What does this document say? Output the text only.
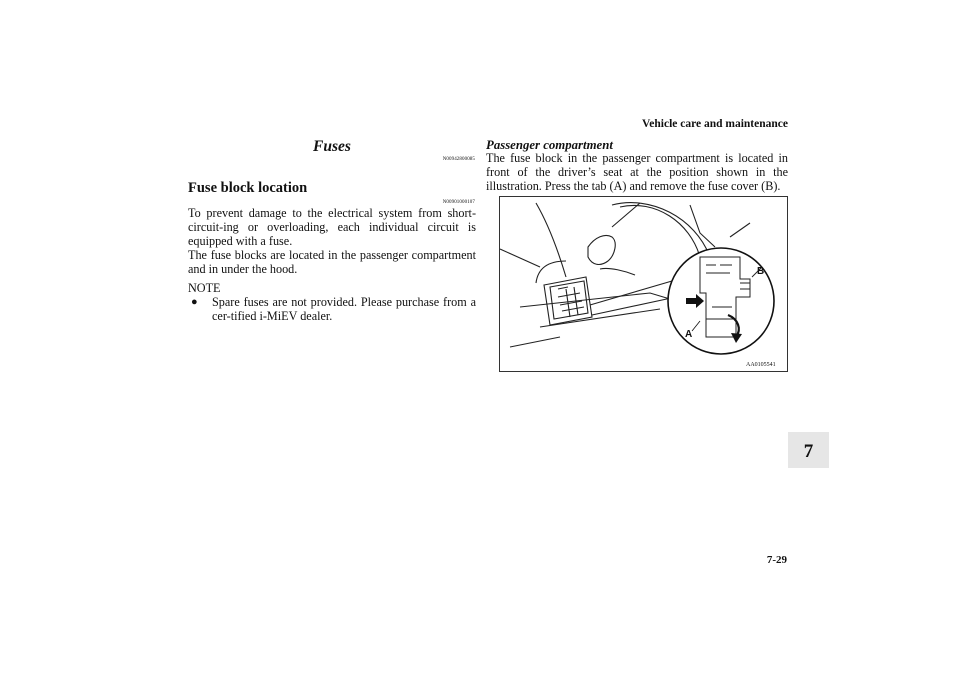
Vehicle care and maintenance
7
7-29
Fuses
N00942800085
Fuse block location
N00901000107
To prevent damage to the electrical system from short-circuit-ing or overloading, each individual circuit is equipped with a fuse.
The fuse blocks are located in the passenger compartment and in under the hood.
NOTE
● Spare fuses are not provided. Please purchase from a cer-tified i-MiEV dealer.
Passenger compartment
The fuse block in the passenger compartment is located in front of the driver’s seat at the position shown in the illustration. Press the tab (A) and remove the fuse cover (B).
B
A
AA0105541
